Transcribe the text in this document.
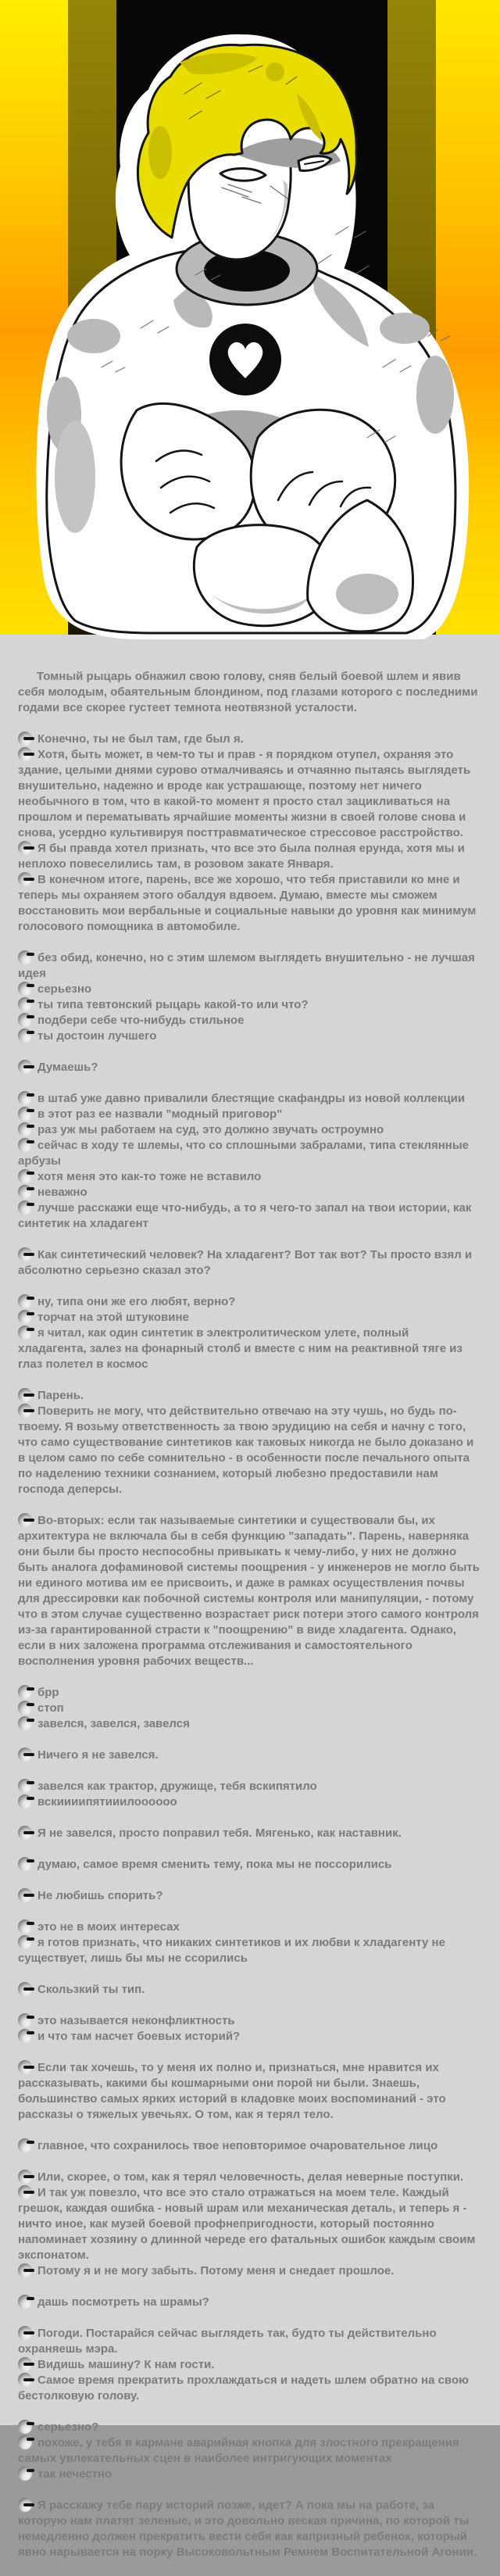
Томный рыцарь обнажил свою голову, сняв белый боевой шлем и явив себя молодым, обаятельным блондином, под глазами которого с последними годами все скорее густеет темнота неотвязной усталости.

Конечно, ты не был там, где был я.

Хотя, быть может, в чем-то ты и прав - я порядком отупел, охраняя это здание, целыми днями сурово отмалчиваясь и отчаянно пытаясь выглядеть внушительно, надежно и вроде как устрашающе, поэтому нет ничего необычного в том, что в какой-то момент я просто стал зацикливаться на прошлом и перематывать ярчайшие моменты жизни в своей голове снова и снова, усердно культивируя посттравматическое стрессовое расстройство.

Я бы правда хотел признать, что все это была полная ерунда, хотя мы и неплохо повеселились там, в розовом закате Января.

В конечном итоге, парень, все же хорошо, что тебя приставили ко мне и теперь мы охраняем этого обалдуя вдвоем. Думаю, вместе мы сможем восстановить мои вербальные и социальные навыки до уровня как минимум голосового помощника в автомобиле.

без обид, конечно, но с этим шлемом выглядеть внушительно - не лучшая идея

серьезно

ты типа тевтонский рыцарь какой-то или что?

подбери себе что-нибудь стильное

ты достоин лучшего

Думаешь?

в штаб уже давно привалили блестящие скафандры из новой коллекции

в этот раз ее назвали "модный приговор"

раз уж мы работаем на суд, это должно звучать остроумно

сейчас в ходу те шлемы, что со сплошными забралами, типа стеклянные арбузы

хотя меня это как-то тоже не вставило

неважно

лучше расскажи еще что-нибудь, а то я чего-то запал на твои истории, как синтетик на хладагент

Как синтетический человек? На хладагент? Вот так вот? Ты просто взял и абсолютно серьезно сказал это?

ну, типа они же его любят, верно?

торчат на этой штуковине

я читал, как один синтетик в электролитическом улете, полный хладагента, залез на фонарный столб и вместе с ним на реактивной тяге из глаз полетел в космос

Парень.

Поверить не могу, что действительно отвечаю на эту чушь, но будь по-твоему. Я возьму ответственность за твою эрудицию на себя и начну с того, что само существование синтетиков как таковых никогда не было доказано и в целом само по себе сомнительно - в особенности после печального опыта по наделению техники сознанием, который любезно предоставили нам господа деперсы.

Во-вторых: если так называемые синтетики и существовали бы, их архитектура не включала бы в себя функцию "западать". Парень, наверняка они были бы просто неспособны привыкать к чему-либо, у них не должно быть аналога дофаминовой системы поощрения - у инженеров не могло быть ни единого мотива им ее присвоить, и даже в рамках осуществления почвы для дрессировки как побочной системы контроля или манипуляции, - потому что в этом случае существенно возрастает риск потери этого самого контроля из-за гарантированной страсти к "поощрению" в виде хладагента. Однако, если в них заложена программа отслеживания и самостоятельного восполнения уровня рабочих веществ...

брр

стоп

завелся, завелся, завелся

Ничего я не завелся.

завелся как трактор, дружище, тебя вскипятило

вскиииипятииилоооооо

Я не завелся, просто поправил тебя. Мягенько, как наставник.

думаю, самое время сменить тему, пока мы не поссорились

Не любишь спорить?

это не в моих интересах

я готов признать, что никаких синтетиков и их любви к хладагенту не существует, лишь бы мы не ссорились

Скользкий ты тип.

это называется неконфликтность

и что там насчет боевых историй?

Если так хочешь, то у меня их полно и, признаться, мне нравится их рассказывать, какими бы кошмарными они порой ни были. Знаешь, большинство самых ярких историй в кладовке моих воспоминаний - это рассказы о тяжелых увечьях. О том, как я терял тело.

главное, что сохранилось твое неповторимое очаровательное лицо

Или, скорее, о том, как я терял человечность, делая неверные поступки.

И так уж повезло, что все это стало отражаться на моем теле. Каждый грешок, каждая ошибка - новый шрам или механическая деталь, и теперь я - ничто иное, как музей боевой профнепригодности, который постоянно напоминает хозяину о длинной череде его фатальных ошибок каждым своим экспонатом.

Потому я и не могу забыть. Потому меня и снедает прошлое.

дашь посмотреть на шрамы?

Погоди. Постарайся сейчас выглядеть так, будто ты действительно охраняешь мэра.

Видишь машину? К нам гости.

Самое время прекратить прохлаждаться и надеть шлем обратно на свою бестолковую голову.

серьезно?

похоже, у тебя в кармане аварийная кнопка для злостного прекращения самых увлекательных сцен в наиболее интригующих моментах

так нечестно

Я расскажу тебе пару историй позже, идет? А пока мы на работе, за которую нам платят зеленые, и это довольно веская причина, по которой ты немедленно должен прекратить вести себя как капризный ребенок, который явно нарывается на порку Высоковольтным Ремнем Воспитательной Агонии.
